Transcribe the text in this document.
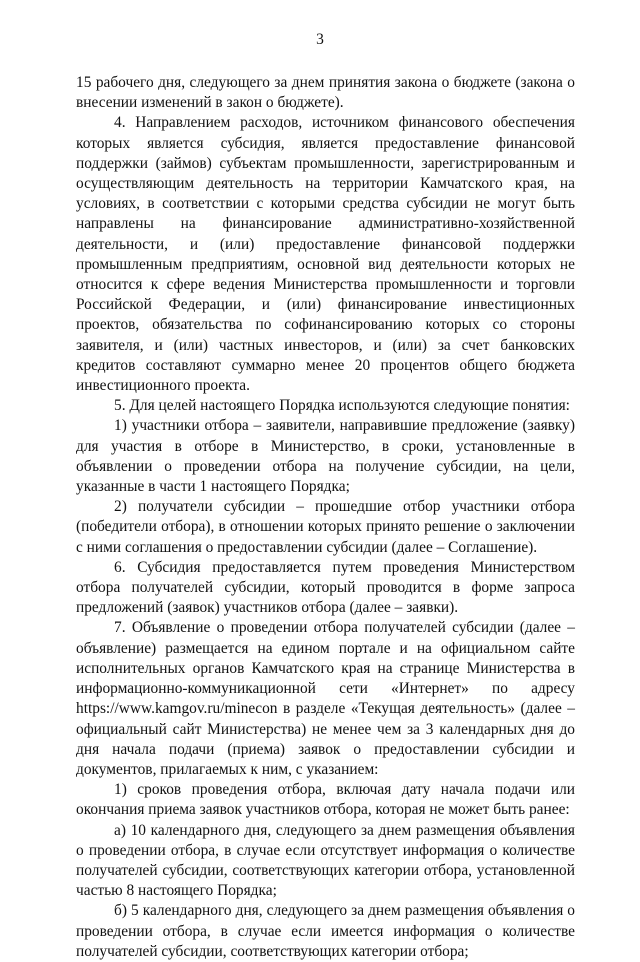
3

15 рабочего дня, следующего за днем принятия закона о бюджете (закона о внесении изменений в закон о бюджете).

4. Направлением расходов, источником финансового обеспечения которых является субсидия, является предоставление финансовой поддержки (займов) субъектам промышленности, зарегистрированным и осуществляющим деятельность на территории Камчатского края, на условиях, в соответствии с которыми средства субсидии не могут быть направлены на финансирование административно-хозяйственной деятельности, и (или) предоставление финансовой поддержки промышленным предприятиям, основной вид деятельности которых не относится к сфере ведения Министерства промышленности и торговли Российской Федерации, и (или) финансирование инвестиционных проектов, обязательства по софинансированию которых со стороны заявителя, и (или) частных инвесторов, и (или) за счет банковских кредитов составляют суммарно менее 20 процентов общего бюджета инвестиционного проекта.

5. Для целей настоящего Порядка используются следующие понятия:

1) участники отбора – заявители, направившие предложение (заявку) для участия в отборе в Министерство, в сроки, установленные в объявлении о проведении отбора на получение субсидии, на цели, указанные в части 1 настоящего Порядка;

2) получатели субсидии – прошедшие отбор участники отбора (победители отбора), в отношении которых принято решение о заключении с ними соглашения о предоставлении субсидии (далее – Соглашение).

6. Субсидия предоставляется путем проведения Министерством отбора получателей субсидии, который проводится в форме запроса предложений (заявок) участников отбора (далее – заявки).

7. Объявление о проведении отбора получателей субсидии (далее – объявление) размещается на едином портале и на официальном сайте исполнительных органов Камчатского края на странице Министерства в информационно-коммуникационной сети «Интернет» по адресу https://www.kamgov.ru/minecon в разделе «Текущая деятельность» (далее – официальный сайт Министерства) не менее чем за 3 календарных дня до дня начала подачи (приема) заявок о предоставлении субсидии и документов, прилагаемых к ним, с указанием:

1) сроков проведения отбора, включая дату начала подачи или окончания приема заявок участников отбора, которая не может быть ранее:

а) 10 календарного дня, следующего за днем размещения объявления о проведении отбора, в случае если отсутствует информация о количестве получателей субсидии, соответствующих категории отбора, установленной частью 8 настоящего Порядка;

б) 5 календарного дня, следующего за днем размещения объявления о проведении отбора, в случае если имеется информация о количестве получателей субсидии, соответствующих категории отбора;
